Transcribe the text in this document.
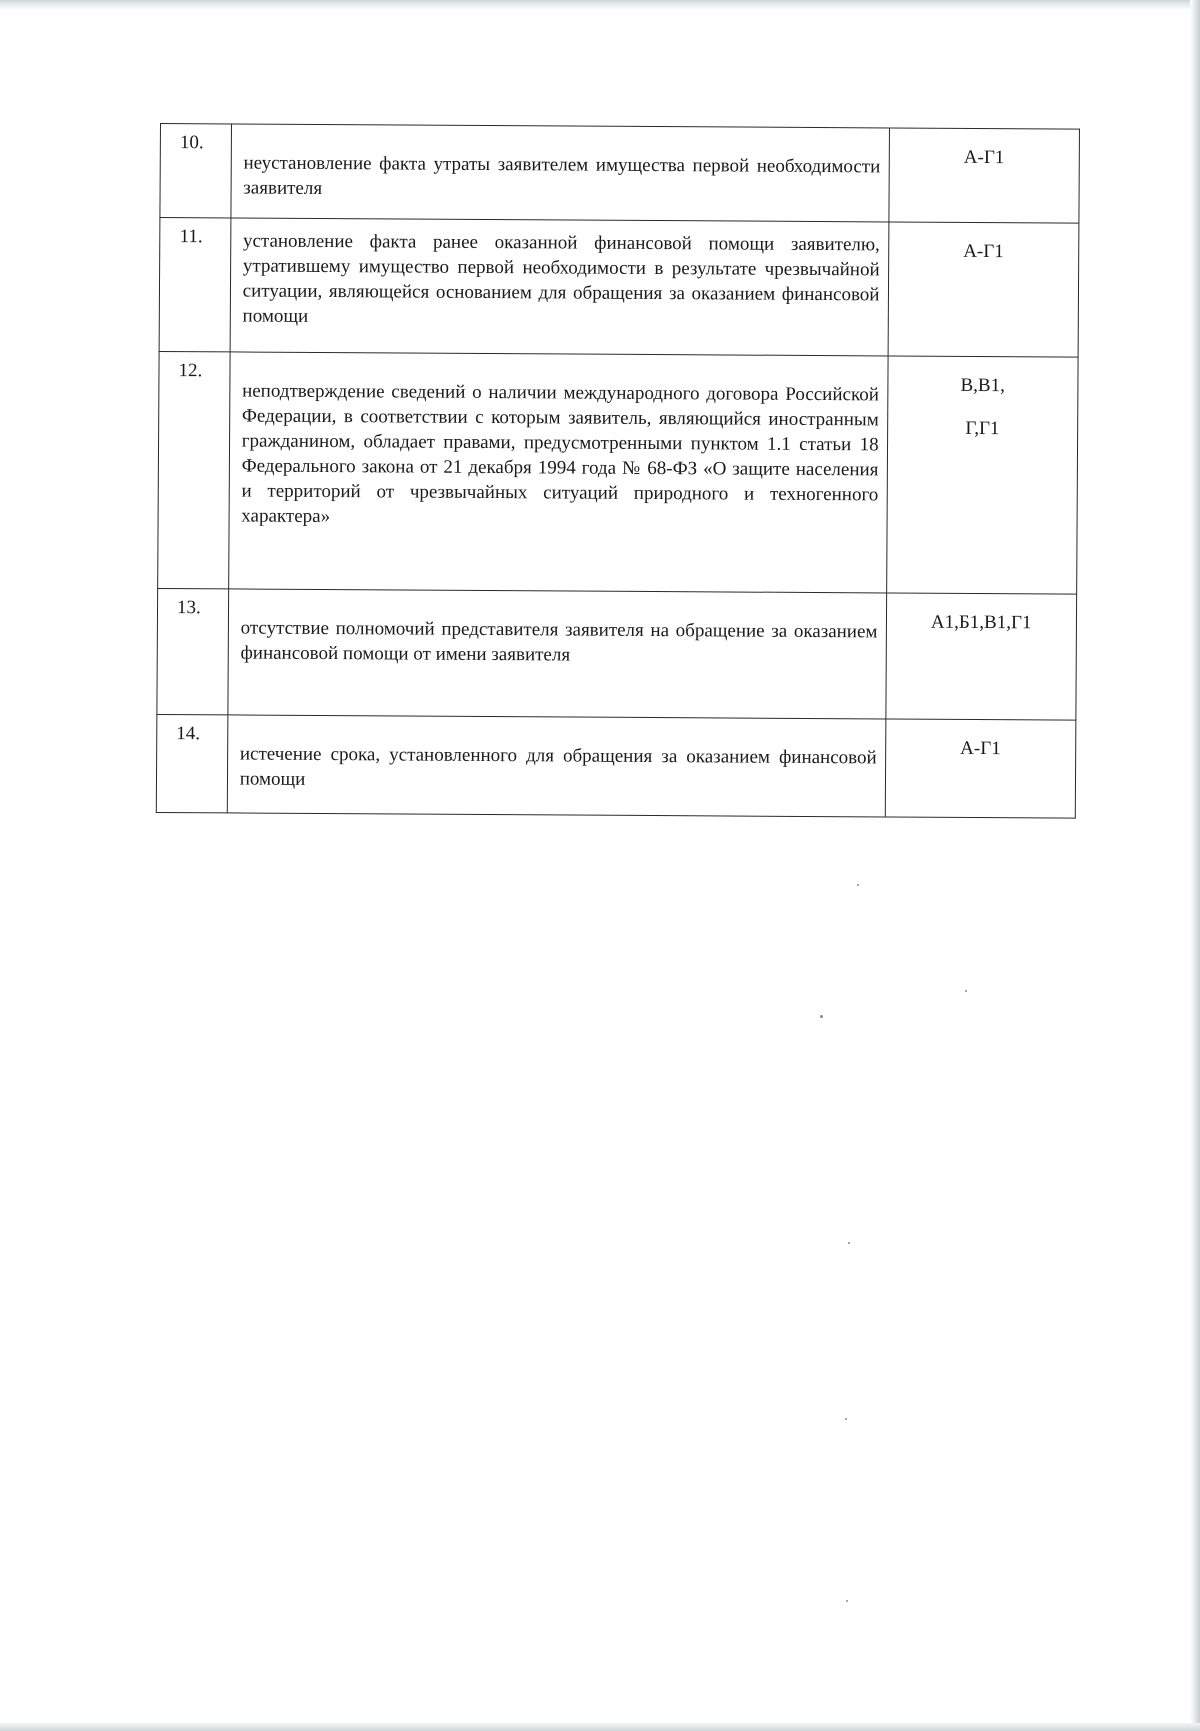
10.	неустановление факта утраты заявителем имущества первой необходимости заявителя	А-Г1

11.	установление факта ранее оказанной финансовой помощи заявителю, утратившему имущество первой необходимости в результате чрезвычайной ситуации, являющейся основанием для обращения за оказанием финансовой помощи	А-Г1

12.	неподтверждение сведений о наличии международного договора Российской Федерации, в соответствии с которым заявитель, являющийся иностранным гражданином, обладает правами, предусмотренными пунктом 1.1 статьи 18 Федерального закона от 21 декабря 1994 года № 68-ФЗ «О защите населения и территорий от чрезвычайных ситуаций природного и техногенного характера»	В,В1,
Г,Г1

13.	отсутствие полномочий представителя заявителя на обращение за оказанием финансовой помощи от имени заявителя	А1,Б1,В1,Г1

14.	истечение срока, установленного для обращения за оказанием финансовой помощи	А-Г1
